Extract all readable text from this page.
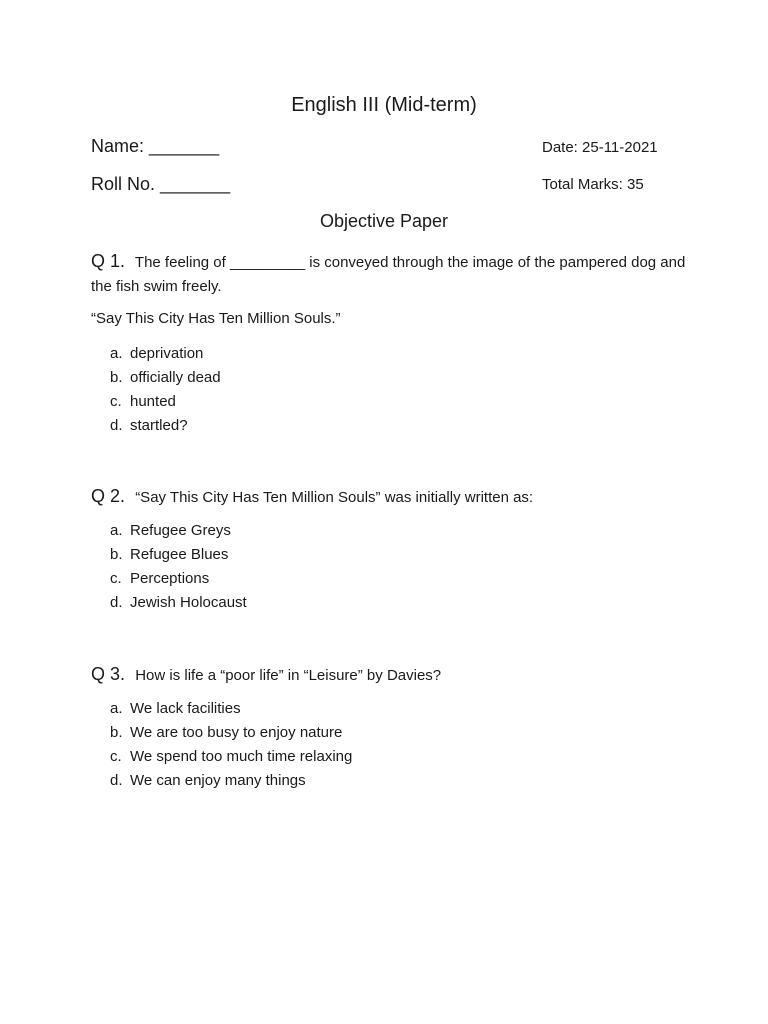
English III (Mid-term)
Name: _______	Date: 25-11-2021
Roll No. _______	Total Marks: 35
Objective Paper
Q 1. The feeling of _________ is conveyed through the image of the pampered dog and the fish swim freely.
“Say This City Has Ten Million Souls.”
a. deprivation
b. officially dead
c. hunted
d. startled?
Q 2. “Say This City Has Ten Million Souls” was initially written as:
a. Refugee Greys
b. Refugee Blues
c. Perceptions
d. Jewish Holocaust
Q 3. How is life a “poor life” in “Leisure” by Davies?
a. We lack facilities
b. We are too busy to enjoy nature
c. We spend too much time relaxing
d. We can enjoy many things
